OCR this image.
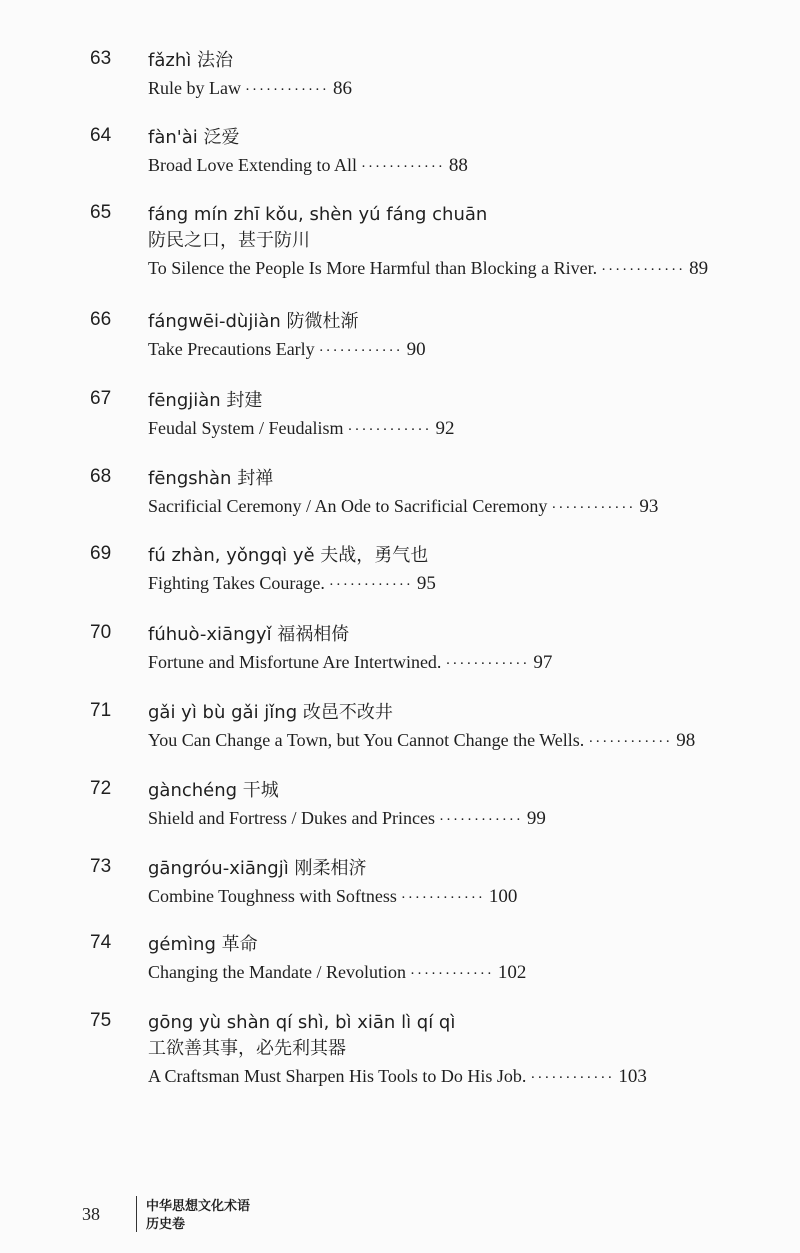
63 fǎzhì 法治
Rule by Law ············ 86
64 fàn'ài 泛爱
Broad Love Extending to All ············ 88
65 fáng mín zhī kǒu, shèn yú fáng chuān
防民之口，甚于防川
To Silence the People Is More Harmful than Blocking a River. ············ 89
66 fángwēi-dùjiàn 防微杜渐
Take Precautions Early ············ 90
67 fēngjiàn 封建
Feudal System / Feudalism ············ 92
68 fēngshàn 封禅
Sacrificial Ceremony / An Ode to Sacrificial Ceremony ············ 93
69 fú zhàn, yǒngqì yě 夫战，勇气也
Fighting Takes Courage. ············ 95
70 fúhuò-xiāngyǐ 福祸相倚
Fortune and Misfortune Are Intertwined. ············ 97
71 gǎi yì bù gǎi jǐng 改邑不改井
You Can Change a Town, but You Cannot Change the Wells. ············ 98
72 gànchéng 干城
Shield and Fortress / Dukes and Princes ············ 99
73 gāngróu-xiāngjì 刚柔相济
Combine Toughness with Softness ············ 100
74 gémìng 革命
Changing the Mandate / Revolution ············ 102
75 gōng yù shàn qí shì, bì xiān lì qí qì
工欲善其事，必先利其器
A Craftsman Must Sharpen His Tools to Do His Job. ············ 103
38	中华思想文化术语
历史卷
